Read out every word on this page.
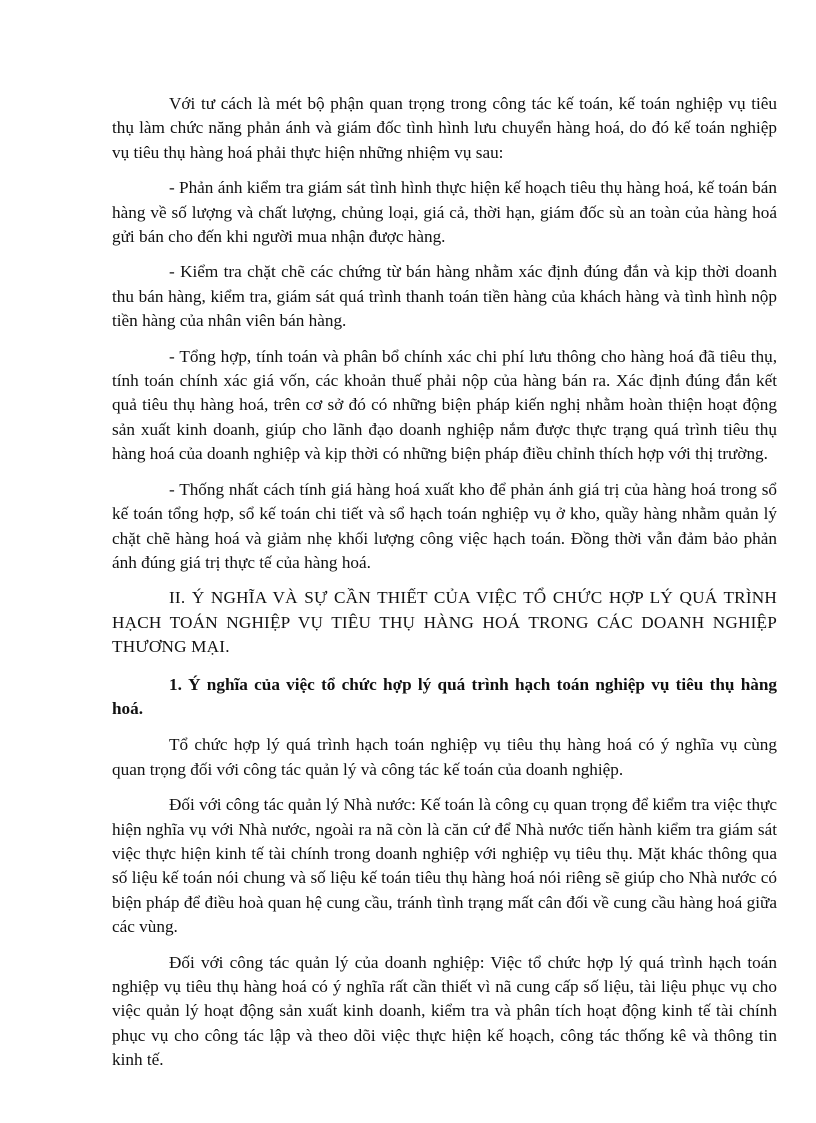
Với tư cách là mét bộ phận quan trọng trong công tác kế toán, kế toán nghiệp vụ tiêu thụ làm chức năng phản ánh và giám đốc tình hình lưu chuyển hàng hoá, do đó kế toán nghiệp vụ tiêu thụ hàng hoá phải thực hiện những nhiệm vụ sau:

- Phản ánh kiểm tra giám sát tình hình thực hiện kế hoạch tiêu thụ hàng hoá, kế toán bán hàng về số lượng và chất lượng, chủng loại, giá cả, thời hạn, giám đốc sù an toàn của hàng hoá gửi bán cho đến khi người mua nhận được hàng.

- Kiểm tra chặt chẽ các chứng từ bán hàng nhằm xác định đúng đắn và kịp thời doanh thu bán hàng, kiểm tra, giám sát quá trình thanh toán tiền hàng của khách hàng và tình hình nộp tiền hàng của nhân viên bán hàng.

- Tổng hợp, tính toán và phân bổ chính xác chi phí lưu thông cho hàng hoá đã tiêu thụ, tính toán chính xác giá vốn, các khoản thuế phải nộp của hàng bán ra. Xác định đúng đắn kết quả tiêu thụ hàng hoá, trên cơ sở đó có những biện pháp kiến nghị nhằm hoàn thiện hoạt động sản xuất kinh doanh, giúp cho lãnh đạo doanh nghiệp nắm được thực trạng quá trình tiêu thụ hàng hoá của doanh nghiệp và kịp thời có những biện pháp điều chỉnh thích hợp với thị trường.

- Thống nhất cách tính giá hàng hoá xuất kho để phản ánh giá trị của hàng hoá trong sổ kế toán tổng hợp, sổ kế toán chi tiết và sổ hạch toán nghiệp vụ ở kho, quầy hàng nhằm quản lý chặt chẽ hàng hoá và giảm nhẹ khối lượng công việc hạch toán. Đồng thời vẫn đảm bảo phản ánh đúng giá trị thực tế của hàng hoá.

II. Ý NGHĨA VÀ SỰ CẦN THIẾT CỦA VIỆC TỔ CHỨC HỢP LÝ QUÁ TRÌNH HẠCH TOÁN NGHIỆP VỤ TIÊU THỤ HÀNG HOÁ TRONG CÁC DOANH NGHIỆP THƯƠNG MẠI.

1. Ý nghĩa của việc tổ chức hợp lý quá trình hạch toán nghiệp vụ tiêu thụ hàng hoá.

Tổ chức hợp lý quá trình hạch toán nghiệp vụ tiêu thụ hàng hoá có ý nghĩa vụ cùng quan trọng đối với công tác quản lý và công tác kế toán của doanh nghiệp.

Đối với công tác quản lý Nhà nước: Kế toán là công cụ quan trọng để kiểm tra việc thực hiện nghĩa vụ với Nhà nước, ngoài ra nã còn là căn cứ để Nhà nước tiến hành kiểm tra giám sát việc thực hiện kinh tế tài chính trong doanh nghiệp với nghiệp vụ tiêu thụ. Mặt khác thông qua số liệu kế toán nói chung và số liệu kế toán tiêu thụ hàng hoá nói riêng sẽ giúp cho Nhà nước có biện pháp để điều hoà quan hệ cung cầu, tránh tình trạng mất cân đối về cung cầu hàng hoá giữa các vùng.

Đối với công tác quản lý của doanh nghiệp: Việc tổ chức hợp lý quá trình hạch toán nghiệp vụ tiêu thụ hàng hoá có ý nghĩa rất cần thiết vì nã cung cấp số liệu, tài liệu phục vụ cho việc quản lý hoạt động sản xuất kinh doanh, kiểm tra và phân tích hoạt động kinh tế tài chính phục vụ cho công tác lập và theo dõi việc thực hiện kế hoạch, công tác thống kê và thông tin kinh tế.
